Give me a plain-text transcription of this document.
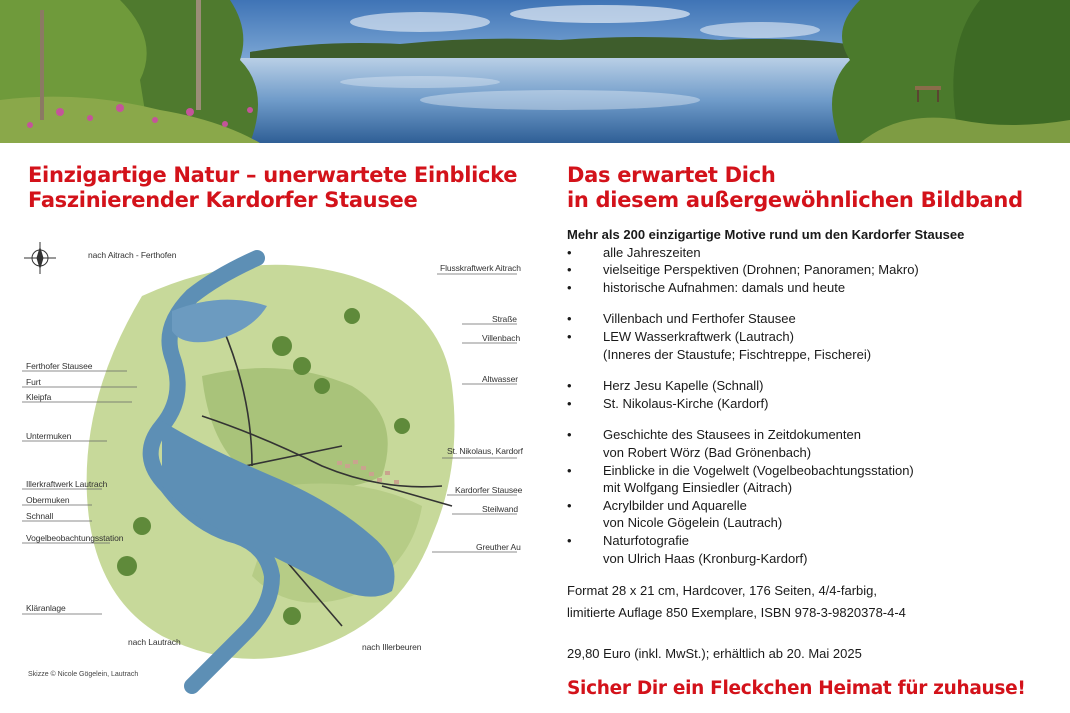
Einzigartige Natur – unerwartete Einblicke
Faszinierender Kardorfer Stausee
Das erwartet Dich
in diesem außergewöhnlichen Bildband
nach Aitrach - Ferthofen
Flusskraftwerk Aitrach
Straße
Villenbach
Ferthofer Stausee
Furt
Kleipfa
Altwasser
Untermuken
St. Nikolaus, Kardorf
Illerkraftwerk Lautrach
Kardorfer Stausee
Obermuken
Steilwand
Schnall
Vogelbeobachtungsstation
Greuther Au
Kläranlage
nach Lautrach	nach Illerbeuren
Skizze © Nicole Gögelein, Lautrach
Mehr als 200 einzigartige Motive rund um den Kardorfer Stausee
• alle Jahreszeiten
• vielseitige Perspektiven (Drohnen; Panoramen; Makro)
• historische Aufnahmen: damals und heute
• Villenbach und Ferthofer Stausee
• LEW Wasserkraftwerk (Lautrach)
(Inneres der Staustufe; Fischtreppe, Fischerei)
• Herz Jesu Kapelle (Schnall)
• St. Nikolaus-Kirche (Kardorf)
• Geschichte des Stausees in Zeitdokumenten
von Robert Wörz (Bad Grönenbach)
• Einblicke in die Vogelwelt (Vogelbeobachtungsstation)
mit Wolfgang Einsiedler (Aitrach)
• Acrylbilder und Aquarelle
von Nicole Gögelein (Lautrach)
• Naturfotografie
von Ulrich Haas (Kronburg-Kardorf)
Format 28 x 21 cm, Hardcover, 176 Seiten, 4/4-farbig,
limitierte Auflage 850 Exemplare, ISBN 978-3-9820378-4-4
29,80 Euro (inkl. MwSt.); erhältlich ab 20. Mai 2025
Sicher Dir ein Fleckchen Heimat für zuhause!
